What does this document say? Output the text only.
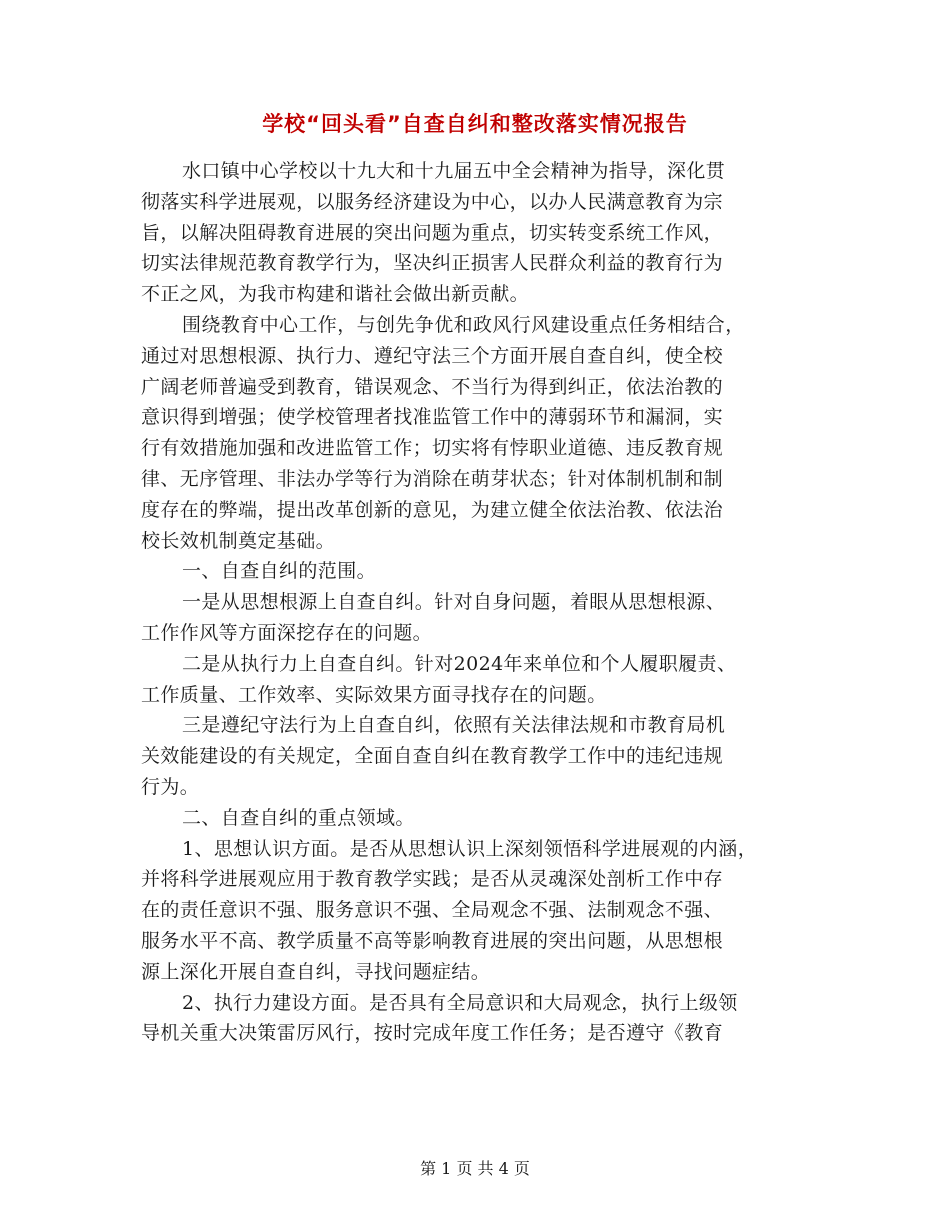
学校“回头看”自查自纠和整改落实情况报告
水口镇中心学校以十九大和十九届五中全会精神为指导，深化贯
彻落实科学进展观，以服务经济建设为中心，以办人民满意教育为宗
旨，以解决阻碍教育进展的突出问题为重点，切实转变系统工作风，
切实法律规范教育教学行为，坚决纠正损害人民群众利益的教育行为
不正之风，为我市构建和谐社会做出新贡献。
围绕教育中心工作，与创先争优和政风行风建设重点任务相结合，
通过对思想根源、执行力、遵纪守法三个方面开展自查自纠，使全校
广阔老师普遍受到教育，错误观念、不当行为得到纠正，依法治教的
意识得到增强；使学校管理者找准监管工作中的薄弱环节和漏洞，实
行有效措施加强和改进监管工作；切实将有悖职业道德、违反教育规
律、无序管理、非法办学等行为消除在萌芽状态；针对体制机制和制
度存在的弊端，提出改革创新的意见，为建立健全依法治教、依法治
校长效机制奠定基础。
一、自查自纠的范围。
一是从思想根源上自查自纠。针对自身问题，着眼从思想根源、
工作作风等方面深挖存在的问题。
二是从执行力上自查自纠。针对2024年来单位和个人履职履责、
工作质量、工作效率、实际效果方面寻找存在的问题。
三是遵纪守法行为上自查自纠，依照有关法律法规和市教育局机
关效能建设的有关规定，全面自查自纠在教育教学工作中的违纪违规
行为。
二、自查自纠的重点领域。
1、思想认识方面。是否从思想认识上深刻领悟科学进展观的内涵，
并将科学进展观应用于教育教学实践；是否从灵魂深处剖析工作中存
在的责任意识不强、服务意识不强、全局观念不强、法制观念不强、
服务水平不高、教学质量不高等影响教育进展的突出问题，从思想根
源上深化开展自查自纠，寻找问题症结。
2、执行力建设方面。是否具有全局意识和大局观念，执行上级领
导机关重大决策雷厉风行，按时完成年度工作任务；是否遵守《教育
第 1 页 共 4 页
